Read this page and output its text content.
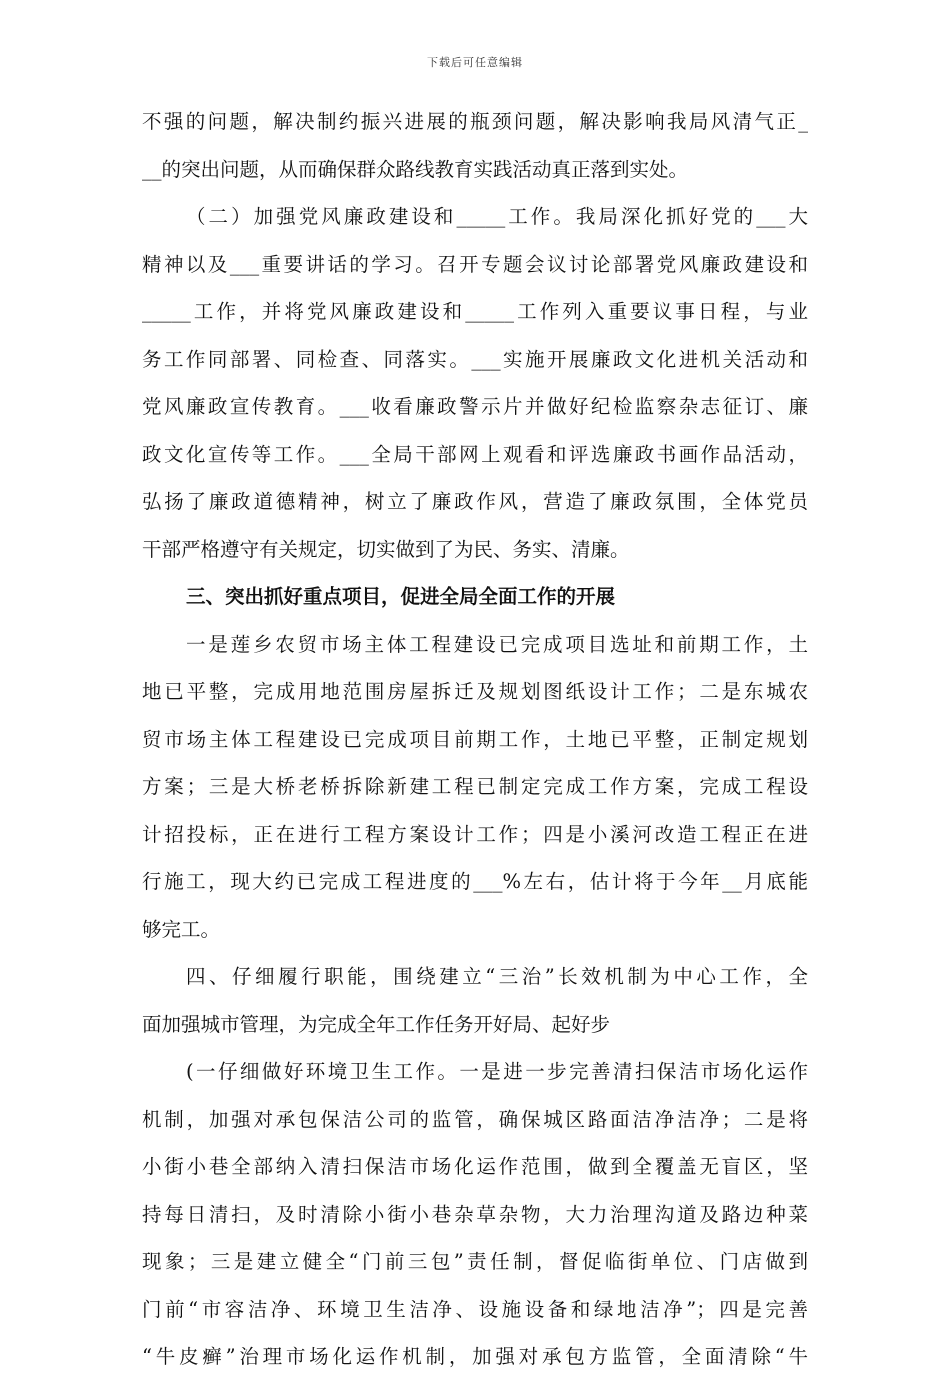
下载后可任意编辑
不强的问题，解决制约振兴进展的瓶颈问题，解决影响我局风清气正_
__的突出问题，从而确保群众路线教育实践活动真正落到实处。
（二）加强党风廉政建设和_____工作。我局深化抓好党的___大
精神以及___重要讲话的学习。召开专题会议讨论部署党风廉政建设和
_____工作，并将党风廉政建设和_____工作列入重要议事日程，与业
务工作同部署、同检查、同落实。___实施开展廉政文化进机关活动和
党风廉政宣传教育。___收看廉政警示片并做好纪检监察杂志征订、廉
政文化宣传等工作。___全局干部网上观看和评选廉政书画作品活动，
弘扬了廉政道德精神，树立了廉政作风，营造了廉政氛围，全体党员
干部严格遵守有关规定，切实做到了为民、务实、清廉。
三、突出抓好重点项目，促进全局全面工作的开展
一是莲乡农贸市场主体工程建设已完成项目选址和前期工作，土
地已平整，完成用地范围房屋拆迁及规划图纸设计工作；二是东城农
贸市场主体工程建设已完成项目前期工作，土地已平整，正制定规划
方案；三是大桥老桥拆除新建工程已制定完成工作方案，完成工程设
计招投标，正在进行工程方案设计工作；四是小溪河改造工程正在进
行施工，现大约已完成工程进度的___%左右，估计将于今年__月底能
够完工。
四、仔细履行职能，围绕建立“三治”长效机制为中心工作，全
面加强城市管理，为完成全年工作任务开好局、起好步
(一仔细做好环境卫生工作。一是进一步完善清扫保洁市场化运作
机制，加强对承包保洁公司的监管，确保城区路面洁净洁净；二是将
小街小巷全部纳入清扫保洁市场化运作范围，做到全覆盖无盲区，坚
持每日清扫，及时清除小街小巷杂草杂物，大力治理沟道及路边种菜
现象；三是建立健全“门前三包”责任制，督促临街单位、门店做到
门前“市容洁净、环境卫生洁净、设施设备和绿地洁净”；四是完善
“牛皮癣”治理市场化运作机制，加强对承包方监管，全面清除“牛
